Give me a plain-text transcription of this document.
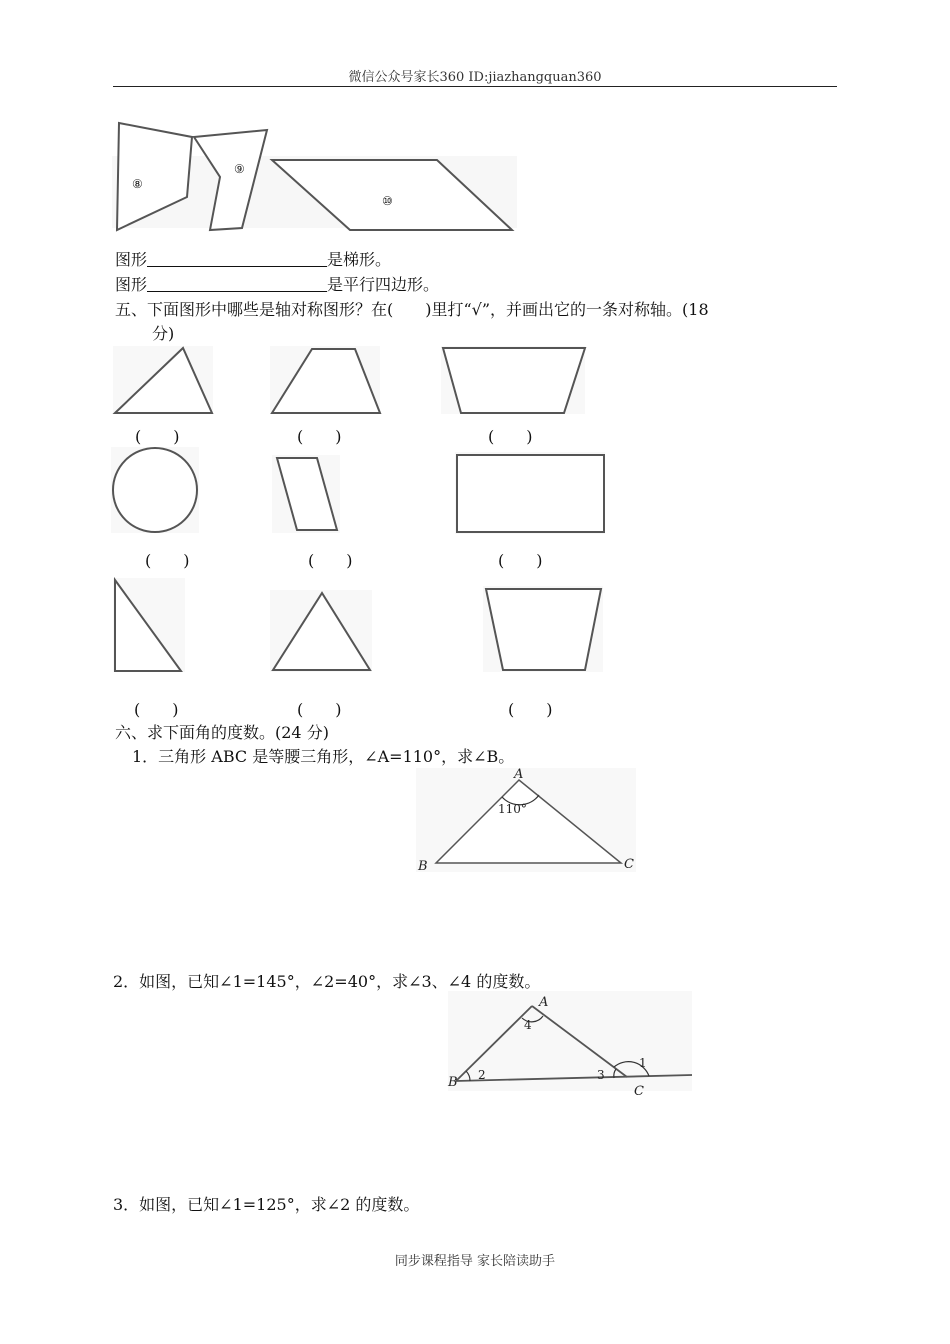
微信公众号家长360 ID:jiazhangquan360
⑧
⑨
⑩
图形	是梯形。
图形	是平行四边形。
五、下面图形中哪些是轴对称图形？在(　　)里打“√”，并画出它的一条对称轴。(18
分)
(　　)	(　　)	(　　)
(　　)	(　　)	(　　)
(　　)	(　　)	(　　)
六、求下面角的度数。(24 分)
1．三角形 ABC 是等腰三角形，∠A=110°，求∠B。
A
B	C
110°
2．如图，已知∠1=145°，∠2=40°，求∠3、∠4 的度数。
A
B
C
1
2	3
4
3．如图，已知∠1=125°，求∠2 的度数。
同步课程指导 家长陪读助手
